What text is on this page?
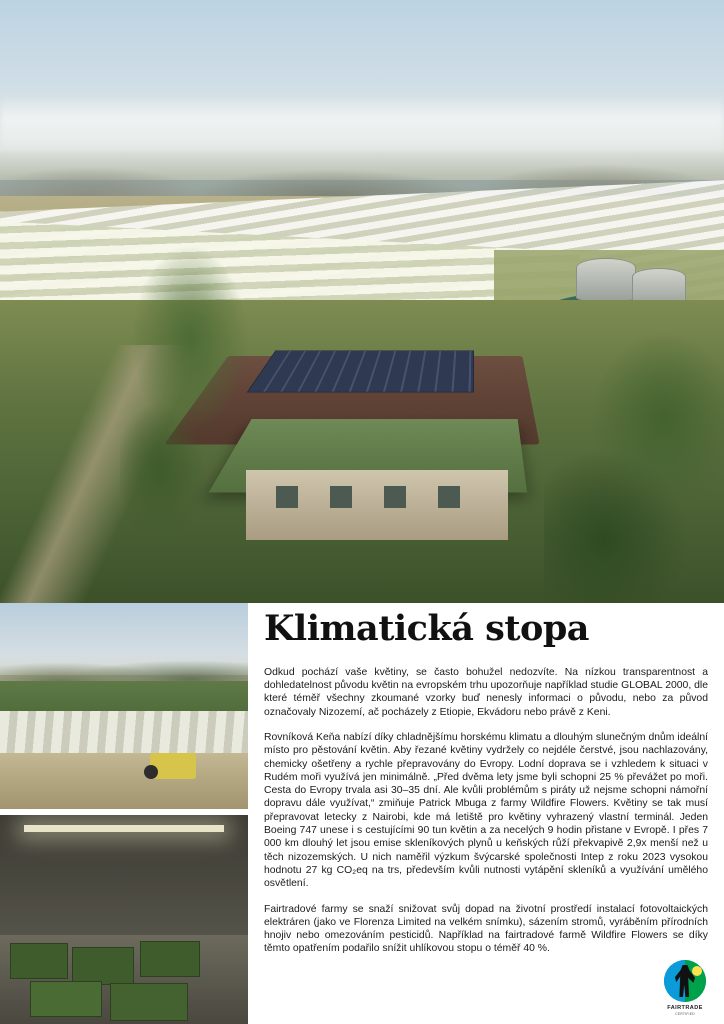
Klimatická stopa

Odkud pochází vaše květiny, se často bohužel nedozvíte. Na nízkou transparentnost a dohledatelnost původu květin na evropském trhu upozorňuje například studie GLOBAL 2000, dle které téměř všechny zkoumané vzorky buď nenesly informaci o původu, nebo za původ označovaly Nizozemí, ač pocházely z Etiopie, Ekvádoru nebo právě z Keni.

Rovníková Keňa nabízí díky chladnějšímu horskému klimatu a dlouhým slunečným dnům ideální místo pro pěstování květin. Aby řezané květiny vydržely co nejdéle čerstvé, jsou nachlazovány, chemicky ošetřeny a rychle přepravovány do Evropy. Lodní doprava se i vzhledem k situaci v Rudém moři využívá jen minimálně. „Před dvěma lety jsme byli schopni 25 % převážet po moři. Cesta do Evropy trvala asi 30–35 dní. Ale kvůli problémům s piráty už nejsme schopni námořní dopravu dále využívat,“ zmiňuje Patrick Mbuga z farmy Wildfire Flowers. Květiny se tak musí přepravovat letecky z Nairobi, kde má letiště pro květiny vyhrazený vlastní terminál. Jeden Boeing 747 unese i s cestujícími 90 tun květin a za necelých 9 hodin přistane v Evropě. I přes 7 000 km dlouhý let jsou emise skleníkových plynů u keňských růží překvapivě 2,9x menší než u těch nizozemských. U nich naměřil výzkum švýcarské společnosti Intep z roku 2023 vysokou hodnotu 27 kg CO₂eq na trs, především kvůli nutnosti vytápění skleníků a využívání umělého osvětlení.

Fairtradové farmy se snaží snižovat svůj dopad na životní prostředí instalací fotovoltaických elektráren (jako ve Florenza Limited na velkém snímku), sázením stromů, vyráběním přírodních hnojiv nebo omezováním pesticidů. Například na fairtradové farmě Wildfire Flowers se díky těmto opatřením podařilo snížit uhlíkovou stopu o téměř 40 %.

FAIRTRADE
CERTIFIED
